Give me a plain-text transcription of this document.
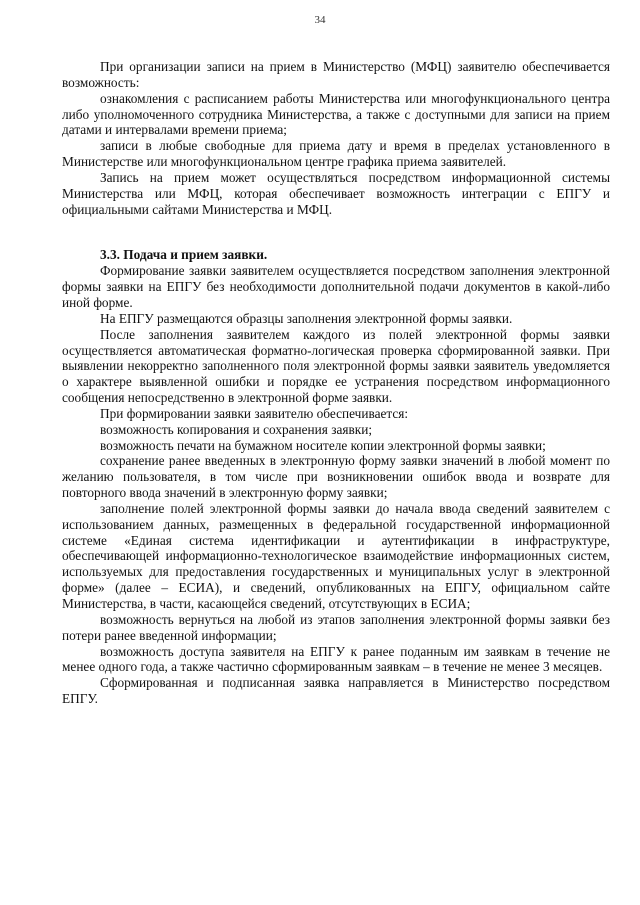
34

При организации записи на прием в Министерство (МФЦ) заявителю обеспечивается возможность:

ознакомления с расписанием работы Министерства или многофункционального центра либо уполномоченного сотрудника Министерства, а также с доступными для записи на прием датами и интервалами времени приема;

записи в любые свободные для приема дату и время в пределах установленного в Министерстве или многофункциональном центре графика приема заявителей.

Запись на прием может осуществляться посредством информационной системы Министерства или МФЦ, которая обеспечивает возможность интеграции с ЕПГУ и официальными сайтами Министерства и МФЦ.

3.3. Подача и прием заявки.

Формирование заявки заявителем осуществляется посредством заполнения электронной формы заявки на ЕПГУ без необходимости дополнительной подачи документов в какой-либо иной форме.

На ЕПГУ размещаются образцы заполнения электронной формы заявки.

После заполнения заявителем каждого из полей электронной формы заявки осуществляется автоматическая форматно-логическая проверка сформированной заявки. При выявлении некорректно заполненного поля электронной формы заявки заявитель уведомляется о характере выявленной ошибки и порядке ее устранения посредством информационного сообщения непосредственно в электронной форме заявки.

При формировании заявки заявителю обеспечивается:

возможность копирования и сохранения заявки;

возможность печати на бумажном носителе копии электронной формы заявки;

сохранение ранее введенных в электронную форму заявки значений в любой момент по желанию пользователя, в том числе при возникновении ошибок ввода и возврате для повторного ввода значений в электронную форму заявки;

заполнение полей электронной формы заявки до начала ввода сведений заявителем с использованием данных, размещенных в федеральной государственной информационной системе «Единая система идентификации и аутентификации в инфраструктуре, обеспечивающей информационно-технологическое взаимодействие информационных систем, используемых для предоставления государственных и муниципальных услуг в электронной форме» (далее – ЕСИА), и сведений, опубликованных на ЕПГУ, официальном сайте Министерства, в части, касающейся сведений, отсутствующих в ЕСИА;

возможность вернуться на любой из этапов заполнения электронной формы заявки без потери ранее введенной информации;

возможность доступа заявителя на ЕПГУ к ранее поданным им заявкам в течение не менее одного года, а также частично сформированным заявкам – в течение не менее 3 месяцев.

Сформированная и подписанная заявка направляется в Министерство посредством ЕПГУ.
